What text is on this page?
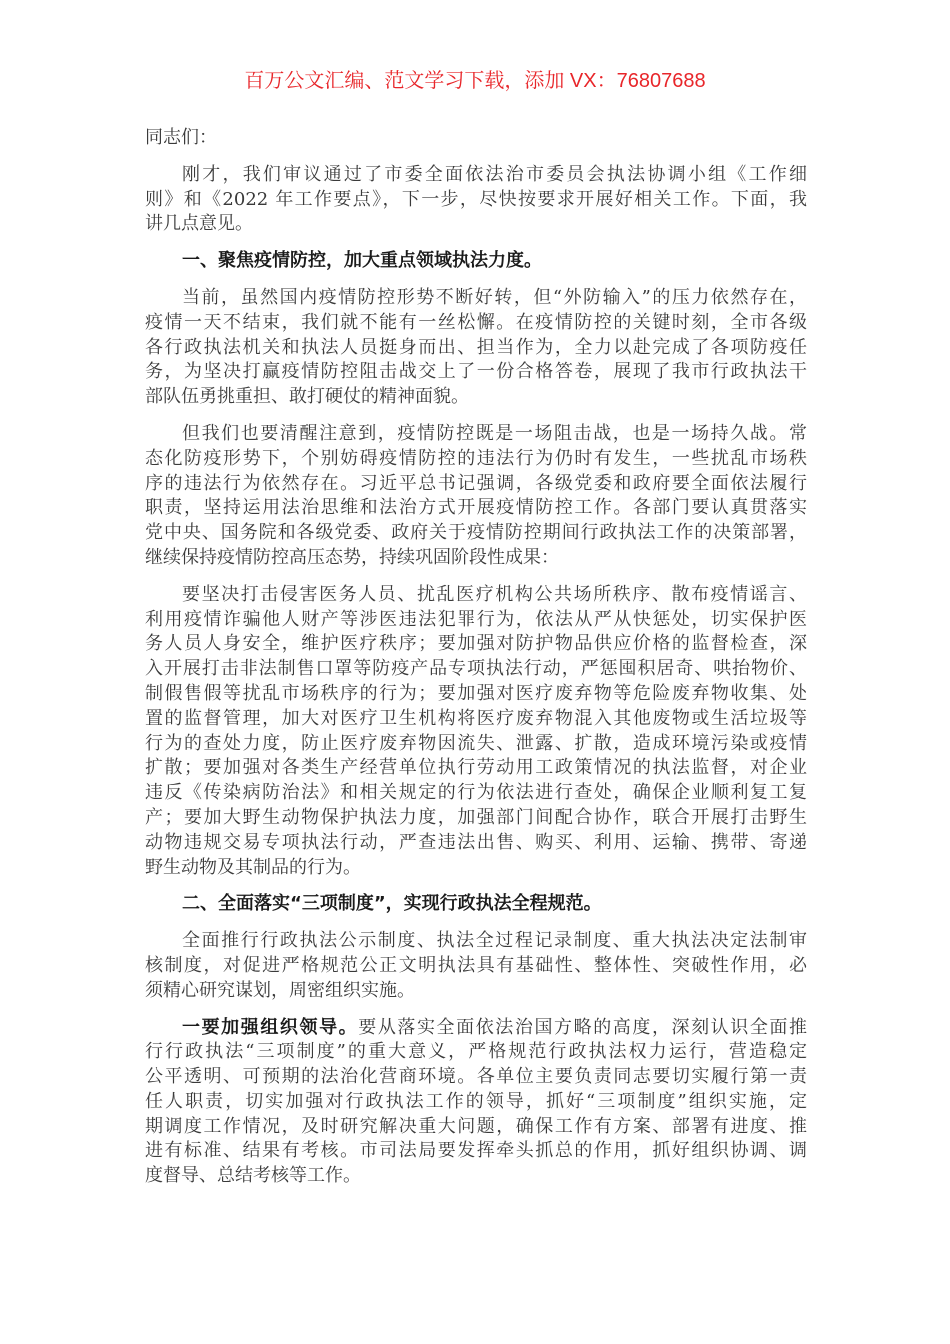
百万公文汇编、范文学习下载，添加 VX：76807688
同志们：
刚才，我们审议通过了市委全面依法治市委员会执法协调小组《工作细
则》和《2022 年工作要点》，下一步，尽快按要求开展好相关工作。下面，我
讲几点意见。
一、聚焦疫情防控，加大重点领域执法力度。
当前，虽然国内疫情防控形势不断好转，但“外防输入”的压力依然存在，
疫情一天不结束，我们就不能有一丝松懈。在疫情防控的关键时刻，全市各级
各行政执法机关和执法人员挺身而出、担当作为，全力以赴完成了各项防疫任
务，为坚决打赢疫情防控阻击战交上了一份合格答卷，展现了我市行政执法干
部队伍勇挑重担、敢打硬仗的精神面貌。
但我们也要清醒注意到，疫情防控既是一场阻击战，也是一场持久战。常
态化防疫形势下，个别妨碍疫情防控的违法行为仍时有发生，一些扰乱市场秩
序的违法行为依然存在。习近平总书记强调，各级党委和政府要全面依法履行
职责，坚持运用法治思维和法治方式开展疫情防控工作。各部门要认真贯落实
党中央、国务院和各级党委、政府关于疫情防控期间行政执法工作的决策部署，
继续保持疫情防控高压态势，持续巩固阶段性成果：
要坚决打击侵害医务人员、扰乱医疗机构公共场所秩序、散布疫情谣言、
利用疫情诈骗他人财产等涉医违法犯罪行为，依法从严从快惩处，切实保护医
务人员人身安全，维护医疗秩序；要加强对防护物品供应价格的监督检查，深
入开展打击非法制售口罩等防疫产品专项执法行动，严惩囤积居奇、哄抬物价、
制假售假等扰乱市场秩序的行为；要加强对医疗废弃物等危险废弃物收集、处
置的监督管理，加大对医疗卫生机构将医疗废弃物混入其他废物或生活垃圾等
行为的查处力度，防止医疗废弃物因流失、泄露、扩散，造成环境污染或疫情
扩散；要加强对各类生产经营单位执行劳动用工政策情况的执法监督，对企业
违反《传染病防治法》和相关规定的行为依法进行查处，确保企业顺利复工复
产；要加大野生动物保护执法力度，加强部门间配合协作，联合开展打击野生
动物违规交易专项执法行动，严查违法出售、购买、利用、运输、携带、寄递
野生动物及其制品的行为。
二、全面落实“三项制度”，实现行政执法全程规范。
全面推行行政执法公示制度、执法全过程记录制度、重大执法决定法制审
核制度，对促进严格规范公正文明执法具有基础性、整体性、突破性作用，必
须精心研究谋划，周密组织实施。
一要加强组织领导。要从落实全面依法治国方略的高度，深刻认识全面推
行行政执法“三项制度”的重大意义，严格规范行政执法权力运行，营造稳定
公平透明、可预期的法治化营商环境。各单位主要负责同志要切实履行第一责
任人职责，切实加强对行政执法工作的领导，抓好“三项制度”组织实施，定
期调度工作情况，及时研究解决重大问题，确保工作有方案、部署有进度、推
进有标准、结果有考核。市司法局要发挥牵头抓总的作用，抓好组织协调、调
度督导、总结考核等工作。
